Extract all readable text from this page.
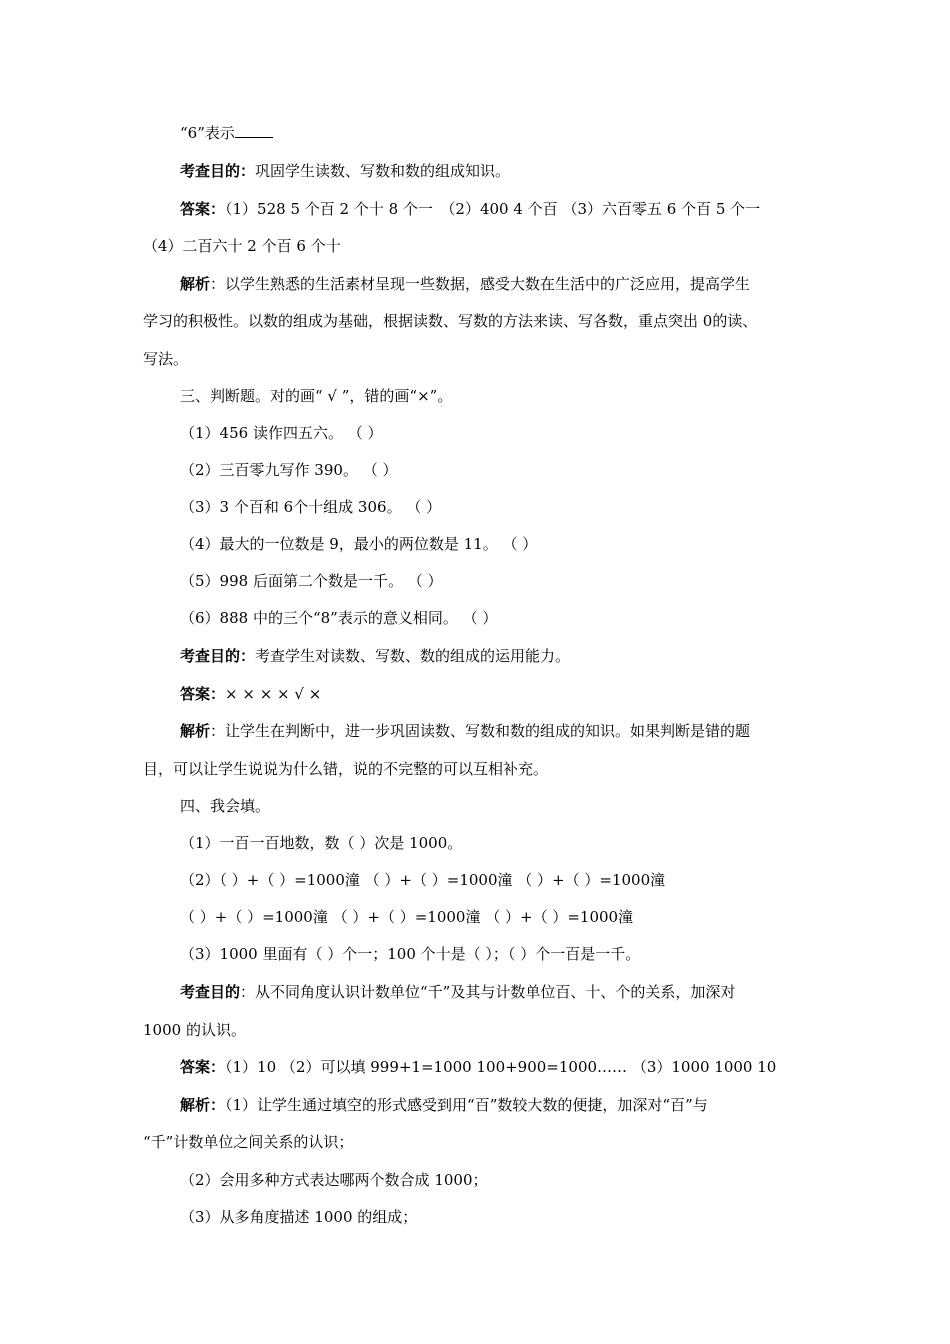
“6”表示
考查目的：巩固学生读数、写数和数的组成知识。
答案：（1）528 5 个百 2 个十 8 个一　（2）400 4 个百 （3）六百零五 6 个百 5 个一
（4）二百六十 2 个百 6 个十
解析：以学生熟悉的生活素材呈现一些数据，感受大数在生活中的广泛应用，提高学生
学习的积极性。以数的组成为基础，根据读数、写数的方法来读、写各数，重点突出 0的读、
写法。
三、判断题。对的画“ √ ”，错的画“×”。
（1）456 读作四五六。 （ ）
（2）三百零九写作 390。 （ ）
（3）3 个百和 6个十组成 306。 （ ）
（4）最大的一位数是 9，最小的两位数是 11。 （ ）
（5）998 后面第二个数是一千。 （ ）
（6）888 中的三个“8”表示的意义相同。 （ ）
考查目的：考查学生对读数、写数、数的组成的运用能力。
答案：× × × × √ ×
解析：让学生在判断中，进一步巩固读数、写数和数的组成的知识。如果判断是错的题
目，可以让学生说说为什么错，说的不完整的可以互相补充。
四、我会填。
（1）一百一百地数，数（ ）次是 1000。
（2）（ ）+（ ）=1000潼 （ ）+（ ）=1000潼 （ ）+（ ）=1000潼
（ ）+（ ）=1000潼 （ ）+（ ）=1000潼 （ ）+（ ）=1000潼
（3）1000 里面有（ ）个一；100 个十是（ ）；（ ）个一百是一千。
考查目的：从不同角度认识计数单位“千”及其与计数单位百、十、个的关系，加深对
1000 的认识。
答案：（1）10 （2）可以填 999+1=1000 100+900=1000…… （3）1000 1000 10
解析：（1）让学生通过填空的形式感受到用“百”数较大数的便捷，加深对“百”与
“千”计数单位之间关系的认识；
（2）会用多种方式表达哪两个数合成 1000；
（3）从多角度描述 1000 的组成；
